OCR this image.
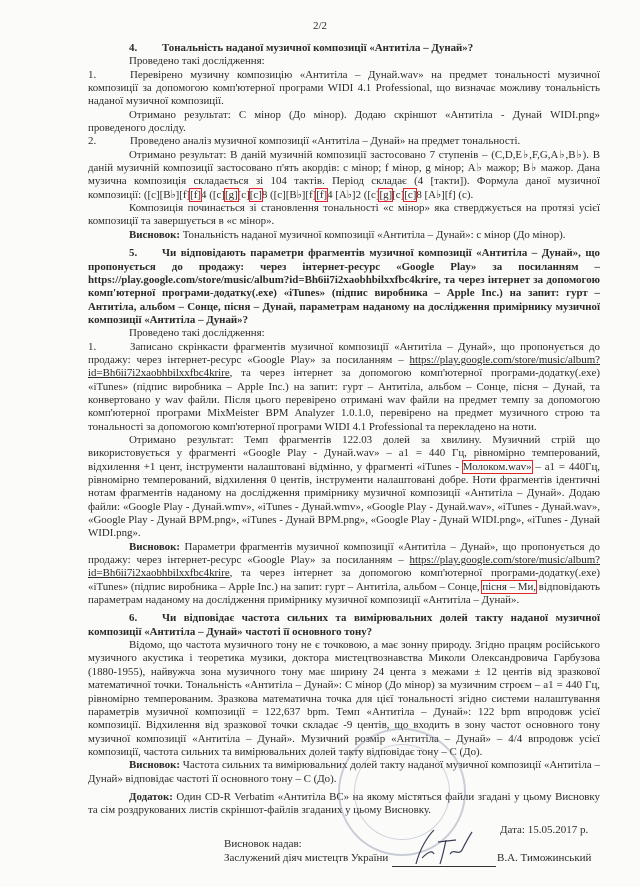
2/2

4. Тональність наданої музичної композиції «Антитіла – Дунай»?

Проведено такі дослідження:

1.	Перевірено музичну композицію «Антитіла – Дунай.wav» на предмет тональності музичної композиції за допомогою комп'ютерної програми WIDI 4.1 Professional, що визначає можливу тональність наданої музичної композиції.

Отримано результат: С мінор (До мінор). Додаю скріншот «Антитіла - Дунай WIDI.png» проведеного досліду.

2.	Проведено аналіз музичної композиції «Антитіла – Дунай» на предмет тональності.

Отримано результат: В даній музичній композиції застосовано 7 ступенів – (C,D,E♭,F,G,A♭,B♭). В даній музичній композиції застосовано п'ять акордів: с мінор; f мінор, g мінор; A♭ мажор; B♭ мажор. Дана музична композиція складається зі 104 тактів. Період складає (4 [такти]). Формула даної музичної композиції: ([c][B♭][f][f]4 ([c][g][c][c]8 ([c][B♭][f][f]4 [A♭]2 ([c][g][c][c]8 [A♭][f] (c).

Композиція починається зі становлення тональності «с мінор» яка стверджується на протязі усієї композиції та завершується в «с мінор».

Висновок: Тональність наданої музичної композиції «Антитіла – Дунай»: с мінор (До мінор).

5. Чи відповідають параметри фрагментів музичної композиції «Антитіла – Дунай», що пропонується до продажу: через інтернет-ресурс «Google Play» за посиланням – https://play.google.com/store/music/album?id=Bh6ii7i2xaobhbilxxfbc4krire, та через інтернет за допомогою комп'ютерної програми-додатку(.exe) «iTunes» (підпис виробника – Apple Inc.) на запит: гурт – Антитіла, альбом – Сонце, пісня – Дунай, параметрам наданому на дослідження примірнику музичної композиції «Антитіла – Дунай»?

Проведено такі дослідження:

1.	Записано скрінкасти фрагментів музичної композиції «Антитіла – Дунай», що пропонується до продажу: через інтернет-ресурс «Google Play» за посиланням – https://play.google.com/store/music/album?id=Bh6ii7i2xaobhbilxxfbc4krire, та через інтернет за допомогою комп'ютерної програми-додатку(.exe) «iTunes» (підпис виробника – Apple Inc.) на запит: гурт – Антитіла, альбом – Сонце, пісня – Дунай, та конвертовано у wav файли. Після цього перевірено отримані wav файли на предмет темпу за допомогою комп'ютерної програми MixMeister BPM Analyzer 1.0.1.0, перевірено на предмет музичного строю та тональності за допомогою комп'ютерної програми WIDI 4.1 Professional та перекладено на ноти.

Отримано результат: Темп фрагментів 122.03 долей за хвилину. Музичний стрій що використовується у фрагменті «Google Play - Дунай.wav» – a1 = 440 Гц, рівномірно темперований, відхилення +1 цент, інструменти налаштовані відмінно, у фрагменті «iTunes - Молоком.wav» – a1 = 440Гц, рівномірно темперований, відхилення 0 центів, інструменти налаштовані добре. Ноти фрагментів ідентичні нотам фрагментів наданому на дослідження примірнику музичної композиції «Антитіла – Дунай». Додаю файли: «Google Play - Дунай.wmv», «iTunes - Дунай.wmv», «Google Play - Дунай.wav», «iTunes - Дунай.wav», «Google Play - Дунай BPM.png», «iTunes - Дунай BPM.png», «Google Play - Дунай WIDI.png», «iTunes - Дунай WIDI.png».

Висновок: Параметри фрагментів музичної композиції «Антитіла – Дунай», що пропонується до продажу: через інтернет-ресурс «Google Play» за посиланням – https://play.google.com/store/music/album?id=Bh6ii7i2xaobhbilxxfbc4krire, та через інтернет за допомогою комп'ютерної програми-додатку(.exe) «iTunes» (підпис виробника – Apple Inc.) на запит: гурт – Антитіла, альбом – Сонце, пісня – Ми, відповідають параметрам наданому на дослідження примірнику музичної композиції «Антитіла – Дунай».

6. Чи відповідає частота сильних та вимірювальних долей такту наданої музичної композиції «Антитіла – Дунай» частоті її основного тону?

Відомо, що частота музичного тону не є точковою, а має зонну природу. Згідно працям російського музичного акустика і теоретика музики, доктора мистецтвознавства Миколи Олександровича Гарбузова (1880-1955), найвужча зона музичного тону має ширину 24 цента з межами ± 12 центів від зразкової математичної точки. Тональність «Антитіла – Дунай»: С мінор (До мінор) за музичним строєм – a1 = 440 Гц, рівномірно темперованим. Зразкова математична точка для цієї тональності згідно системи налаштування параметрів музичної композиції = 122,637 bpm. Темп «Антитіла – Дунай»: 122 bpm впродовж усієї композиції. Відхилення від зразкової точки складає -9 центів, що входить в зону частот основного тону музичної композиції «Антитіла – Дунай». Музичний розмір «Антитіла – Дунай» – 4/4 впродовж усієї композиції, частота сильних та вимірювальних долей такту відповідає тону – С (До).

Висновок: Частота сильних та вимірювальних долей такту наданої музичної композиції «Антитіла – Дунай» відповідає частоті її основного тону – С (До).

Додаток: Один CD-R Verbatim «Антитіла ВС» на якому містяться файли згадані у цьому Висновку та сім роздрукованих листів скріншот-файлів згаданих у цьому Висновку.

Дата: 15.05.2017 р.
Висновок надав:
Заслужений діяч мистецтв України	В.А. Тиможинський
